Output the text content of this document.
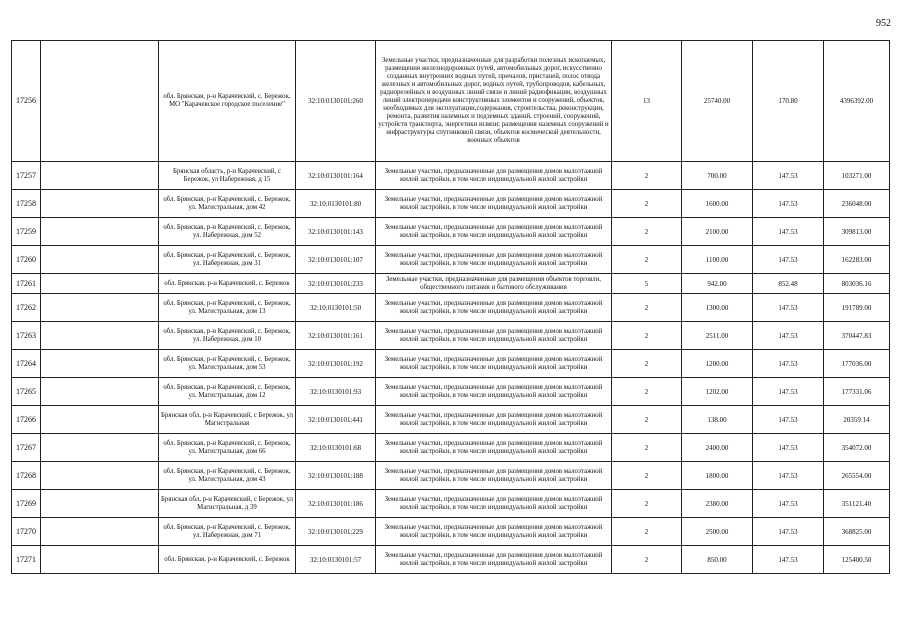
952
17256		обл. Брянская, р-н Карачевский, с. Бережок, МО "Карачевское городское поселение"	32:10:0130101:260	Земельные участки, предназначенные для разработки полезных ископаемых, размещения железнодорожных путей, автомобильных дорог, искусственно созданных внутренних водных путей, причалов, пристаней, полос отвода железных и автомобильных дорог, водных путей, трубопроводов, кабельных, радиорелейных и воздушных линий связи и линий радиофикации, воздушных линий электропередачи конструктивных элементов и сооружений, объектов, необходимых для эксплуатации,содержания, строительства, реконструкции, ремонта, развития наземных и подземных зданий, строений, сооружений, устройств транспорта, энергетики исвязи; размещения наземных сооружений и инфраструктуры спутниковой связи, объектов космической деятельности, военных объектов	13	25740.00	170.80	4396392.00
17257		Брянская область, р-н Карачевский, с Бережок, ул Набережная, д 15	32:10:0130101:164	Земельные участки, предназначенные для размещения домов малоэтажной жилой застройки, в том числе индивидуальной жилой застройки	2	700.00	147.53	103271.00
17258		обл. Брянская, р-н Карачевский, с. Бережок, ул. Магистральная, дом 42	32:10:0130101:80	Земельные участки, предназначенные для размещения домов малоэтажной жилой застройки, в том числе индивидуальной жилой застройки	2	1600.00	147.53	236048.00
17259		обл. Брянская, р-н Карачевский, с. Бережок, ул. Набережная, дом 52	32:10:0130101:143	Земельные участки, предназначенные для размещения домов малоэтажной жилой застройки, в том числе индивидуальной жилой застройки	2	2100.00	147.53	309813.00
17260		обл. Брянская, р-н Карачевский, с. Бережок, ул. Набережная, дом 31	32:10:0130101:107	Земельные участки, предназначенные для размещения домов малоэтажной жилой застройки, в том числе индивидуальной жилой застройки	2	1100.00	147.53	162283.00
17261		обл. Брянская, р-н Карачевский, с. Бережок	32:10:0130101:233	Земельные участки, предназначенные для размещения объектов торговли, общественного питания и бытового обслуживания	5	942.00	852.48	803036.16
17262		обл. Брянская, р-н Карачевский, с. Бережок, ул. Магистральная, дом 13	32:10:0130101:50	Земельные участки, предназначенные для размещения домов малоэтажной жилой застройки, в том числе индивидуальной жилой застройки	2	1300.00	147.53	191789.00
17263		обл. Брянская, р-н Карачевский, с. Бережок, ул. Набережная, дом 10	32:10:0130101:161	Земельные участки, предназначенные для размещения домов малоэтажной жилой застройки, в том числе индивидуальной жилой застройки	2	2511.00	147.53	370447.83
17264		обл. Брянская, р-н Карачевский, с. Бережок, ул. Магистральная, дом 53	32:10:0130101:192	Земельные участки, предназначенные для размещения домов малоэтажной жилой застройки, в том числе индивидуальной жилой застройки	2	1200.00	147.53	177036.00
17265		обл. Брянская, р-н Карачевский, с. Бережок, ул. Магистральная, дом 12	32:10:0130101:93	Земельные участки, предназначенные для размещения домов малоэтажной жилой застройки, в том числе индивидуальной жилой застройки	2	1202.00	147.53	177331.06
17266		Брянская обл, р-н Карачевский, с Бережок, ул Магистральная	32:10:0130101:441	Земельные участки, предназначенные для размещения домов малоэтажной жилой застройки, в том числе индивидуальной жилой застройки	2	138.00	147.53	20359.14
17267		обл. Брянская, р-н Карачевский, с. Бережок, ул. Магистральная, дом 66	32:10:0130101:68	Земельные участки, предназначенные для размещения домов малоэтажной жилой застройки, в том числе индивидуальной жилой застройки	2	2400.00	147.53	354072.00
17268		обл. Брянская, р-н Карачевский, с. Бережок, ул. Магистральная, дом 43	32:10:0130101:188	Земельные участки, предназначенные для размещения домов малоэтажной жилой застройки, в том числе индивидуальной жилой застройки	2	1800.00	147.53	265554.00
17269		Брянская обл, р-н Карачевский, с Бережок, ул Магистральная, д 39	32:10:0130101:186	Земельные участки, предназначенные для размещения домов малоэтажной жилой застройки, в том числе индивидуальной жилой застройки	2	2380.00	147.53	351121.40
17270		обл. Брянская, р-н Карачевский, с. Бережок, ул. Набережная, дом 71	32:10:0130101:229	Земельные участки, предназначенные для размещения домов малоэтажной жилой застройки, в том числе индивидуальной жилой застройки	2	2500.00	147.53	368825.00
17271		обл. Брянская, р-н Карачевский, с. Бережок	32:10:0130101:57	Земельные участки, предназначенные для размещения домов малоэтажной жилой застройки, в том числе индивидуальной жилой застройки	2	850.00	147.53	125400.50
